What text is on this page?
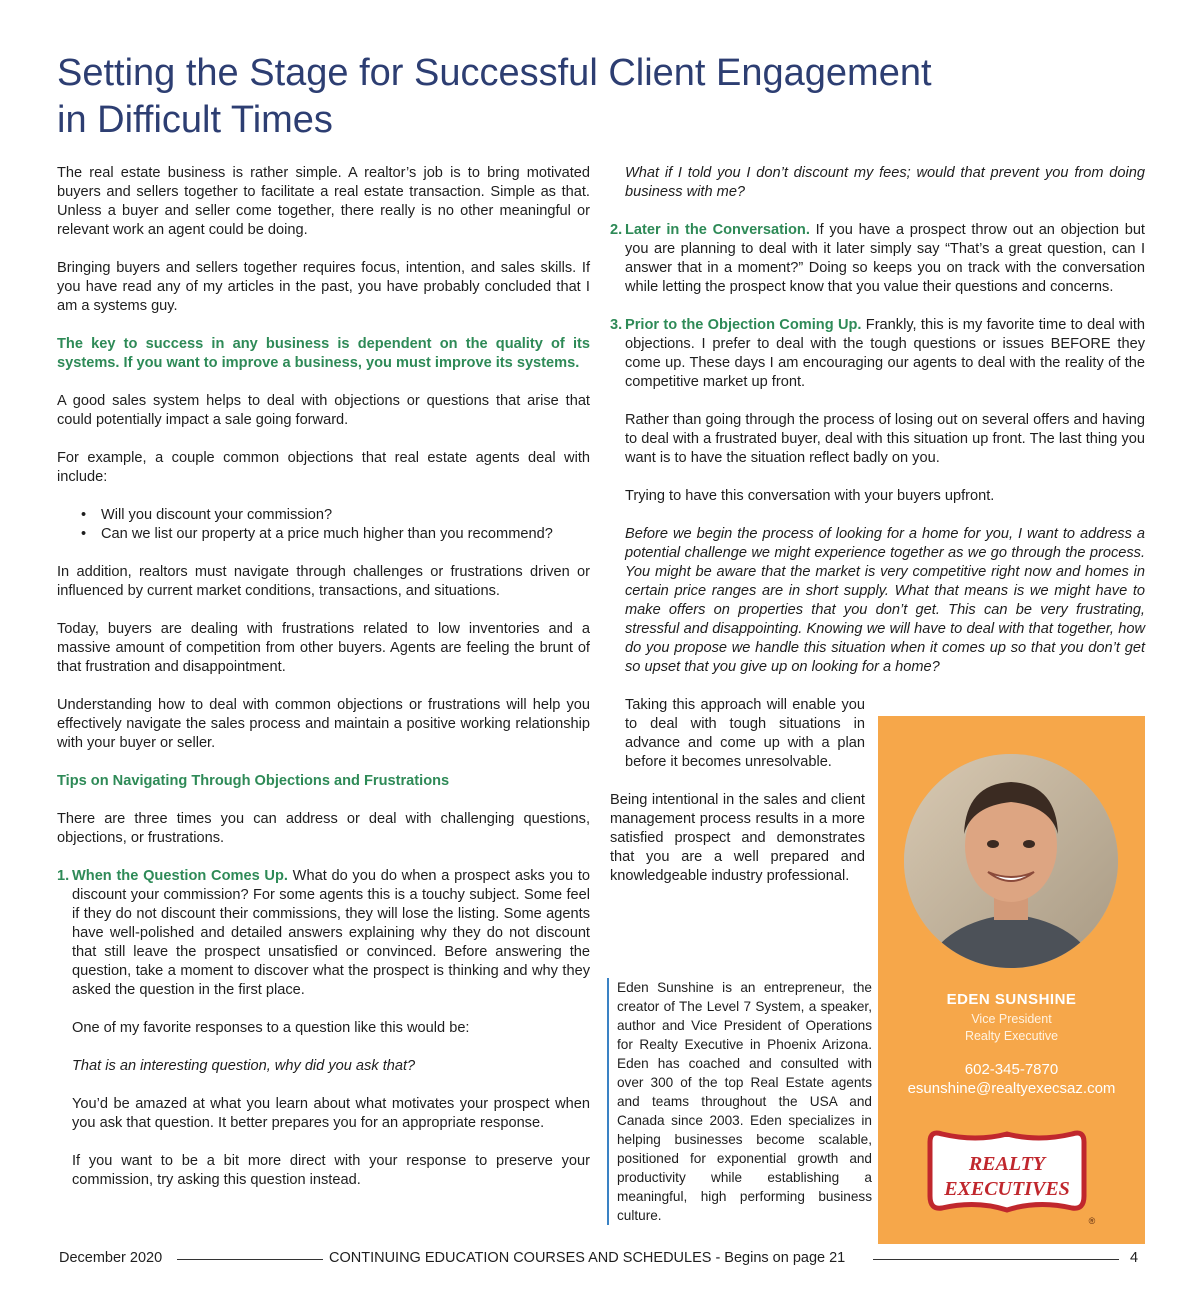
Setting the Stage for Successful Client Engagement
in Difficult Times

The real estate business is rather simple. A realtor’s job is to bring motivated buyers and sellers together to facilitate a real estate transaction. Simple as that. Unless a buyer and seller come together, there really is no other meaningful or relevant work an agent could be doing.

Bringing buyers and sellers together requires focus, intention, and sales skills. If you have read any of my articles in the past, you have probably concluded that I am a systems guy.

The key to success in any business is dependent on the quality of its systems. If you want to improve a business, you must improve its systems.

A good sales system helps to deal with objections or questions that arise that could potentially impact a sale going forward.

For example, a couple common objections that real estate agents deal with include:

• Will you discount your commission?
• Can we list our property at a price much higher than you recommend?

In addition, realtors must navigate through challenges or frustrations driven or influenced by current market conditions, transactions, and situations.

Today, buyers are dealing with frustrations related to low inventories and a massive amount of competition from other buyers. Agents are feeling the brunt of that frustration and disappointment.

Understanding how to deal with common objections or frustrations will help you effectively navigate the sales process and maintain a positive working relationship with your buyer or seller.

Tips on Navigating Through Objections and Frustrations

There are three times you can address or deal with challenging questions, objections, or frustrations.

1. When the Question Comes Up. What do you do when a prospect asks you to discount your commission? For some agents this is a touchy subject. Some feel if they do not discount their commissions, they will lose the listing. Some agents have well-polished and detailed answers explaining why they do not discount that still leave the prospect unsatisfied or convinced. Before answering the question, take a moment to discover what the prospect is thinking and why they asked the question in the first place.

One of my favorite responses to a question like this would be:

That is an interesting question, why did you ask that?

You’d be amazed at what you learn about what motivates your prospect when you ask that question. It better prepares you for an appropriate response.

If you want to be a bit more direct with your response to preserve your commission, try asking this question instead.

What if I told you I don’t discount my fees; would that prevent you from doing business with me?

2. Later in the Conversation. If you have a prospect throw out an objection but you are planning to deal with it later simply say “That’s a great question, can I answer that in a moment?” Doing so keeps you on track with the conversation while letting the prospect know that you value their questions and concerns.

3. Prior to the Objection Coming Up. Frankly, this is my favorite time to deal with objections. I prefer to deal with the tough questions or issues BEFORE they come up. These days I am encouraging our agents to deal with the reality of the competitive market up front.

Rather than going through the process of losing out on several offers and having to deal with a frustrated buyer, deal with this situation up front. The last thing you want is to have the situation reflect badly on you.

Trying to have this conversation with your buyers upfront.

Before we begin the process of looking for a home for you, I want to address a potential challenge we might experience together as we go through the process. You might be aware that the market is very competitive right now and homes in certain price ranges are in short supply. What that means is we might have to make offers on properties that you don’t get. This can be very frustrating, stressful and disappointing. Knowing we will have to deal with that together, how do you propose we handle this situation when it comes up so that you don’t get so upset that you give up on looking for a home?

Taking this approach will enable you to deal with tough situations in advance and come up with a plan before it becomes unresolvable.

Being intentional in the sales and client management process results in a more satisfied prospect and demonstrates that you are a well prepared and knowledgeable industry professional.

Eden Sunshine is an entrepreneur, the creator of The Level 7 System, a speaker, author and Vice President of Operations for Realty Executive in Phoenix Arizona. Eden has coached and consulted with over 300 of the top Real Estate agents and teams throughout the USA and Canada since 2003. Eden specializes in helping businesses become scalable, positioned for exponential growth and productivity while establishing a meaningful, high performing business culture.
EDEN SUNSHINE
Vice President
Realty Executive
602-345-7870
esunshine@realtyexecsaz.com
REALTY
EXECUTIVES
®
December 2020	CONTINUING EDUCATION COURSES AND SCHEDULES - Begins on page 21	4
